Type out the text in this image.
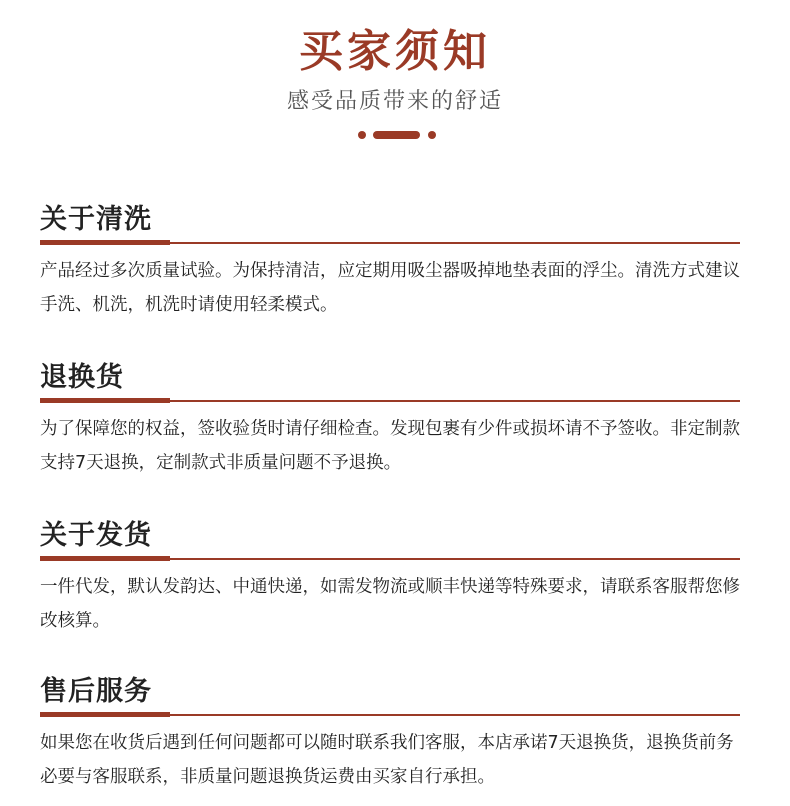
买家须知
感受品质带来的舒适
关于清洗
产品经过多次质量试验。为保持清洁，应定期用吸尘器吸掉地垫表面的浮尘。清洗方式建议手洗、机洗，机洗时请使用轻柔模式。
退换货
为了保障您的权益，签收验货时请仔细检查。发现包裹有少件或损坏请不予签收。非定制款支持7天退换，定制款式非质量问题不予退换。
关于发货
一件代发，默认发韵达、中通快递，如需发物流或顺丰快递等特殊要求，请联系客服帮您修改核算。
售后服务
如果您在收货后遇到任何问题都可以随时联系我们客服，本店承诺7天退换货，退换货前务必要与客服联系，非质量问题退换货运费由买家自行承担。
